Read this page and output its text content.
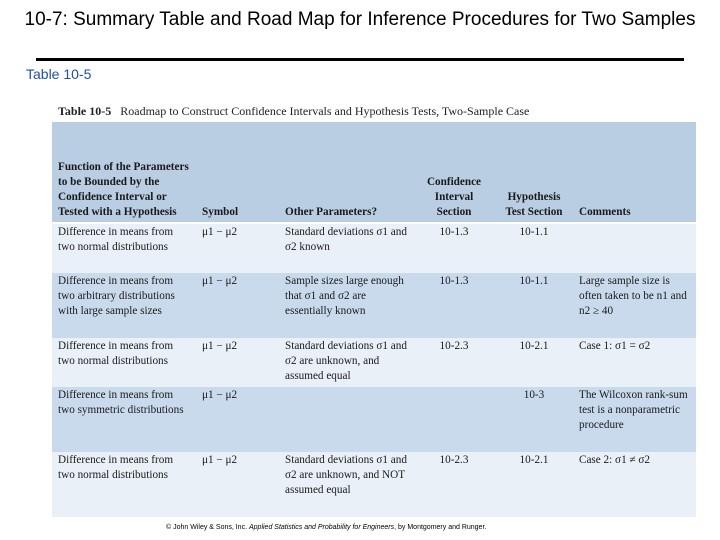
10-7: Summary Table and Road Map for Inference Procedures for Two Samples
Table 10-5
Table 10-5 Roadmap to Construct Confidence Intervals and Hypothesis Tests, Two-Sample Case
Function of the Parameters to be Bounded by the Confidence Interval or Tested with a Hypothesis	Symbol	Other Parameters?	Confidence Interval Section	Hypothesis Test Section	Comments
Difference in means from two normal distributions	μ1 − μ2	Standard deviations σ1 and σ2 known	10-1.3	10-1.1	
Difference in means from two arbitrary distributions with large sample sizes	μ1 − μ2	Sample sizes large enough that σ1 and σ2 are essentially known	10-1.3	10-1.1	Large sample size is often taken to be n1 and n2 ≥ 40
Difference in means from two normal distributions	μ1 − μ2	Standard deviations σ1 and σ2 are unknown, and assumed equal	10-2.3	10-2.1	Case 1: σ1 = σ2
Difference in means from two symmetric distributions	μ1 − μ2			10-3	The Wilcoxon rank-sum test is a nonparametric procedure
Difference in means from two normal distributions	μ1 − μ2	Standard deviations σ1 and σ2 are unknown, and NOT assumed equal	10-2.3	10-2.1	Case 2: σ1 ≠ σ2
© John Wiley & Sons, Inc. Applied Statistics and Probability for Engineers, by Montgomery and Runger.
